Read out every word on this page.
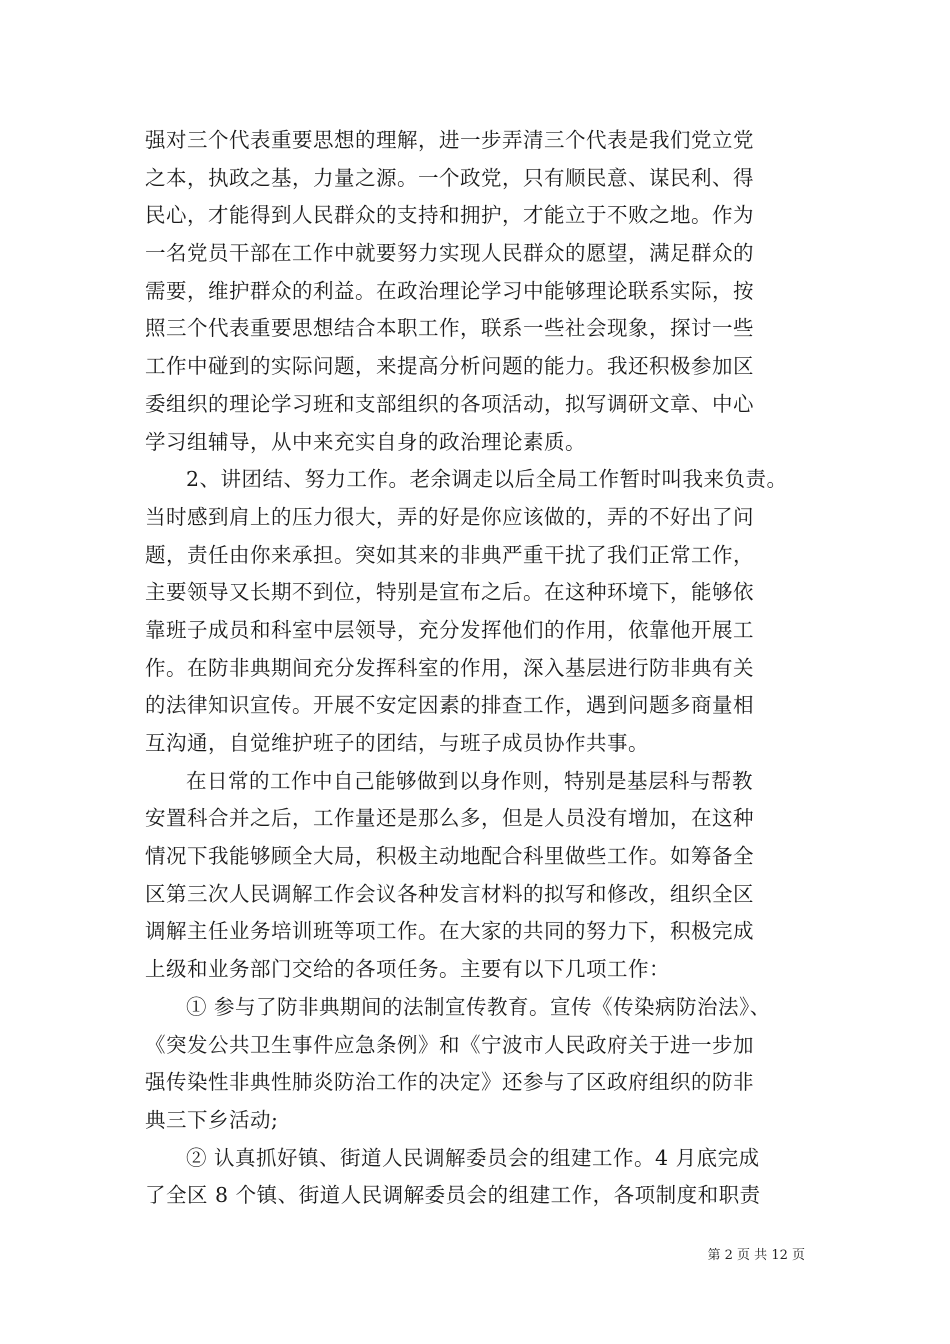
强对三个代表重要思想的理解，进一步弄清三个代表是我们党立党
之本，执政之基，力量之源。一个政党，只有顺民意、谋民利、得
民心，才能得到人民群众的支持和拥护，才能立于不败之地。作为
一名党员干部在工作中就要努力实现人民群众的愿望，满足群众的
需要，维护群众的利益。在政治理论学习中能够理论联系实际，按
照三个代表重要思想结合本职工作，联系一些社会现象，探讨一些
工作中碰到的实际问题，来提高分析问题的能力。我还积极参加区
委组织的理论学习班和支部组织的各项活动，拟写调研文章、中心
学习组辅导，从中来充实自身的政治理论素质。
2、讲团结、努力工作。老余调走以后全局工作暂时叫我来负责。
当时感到肩上的压力很大，弄的好是你应该做的，弄的不好出了问
题，责任由你来承担。突如其来的非典严重干扰了我们正常工作，
主要领导又长期不到位，特别是宣布之后。在这种环境下，能够依
靠班子成员和科室中层领导，充分发挥他们的作用，依靠他开展工
作。在防非典期间充分发挥科室的作用，深入基层进行防非典有关
的法律知识宣传。开展不安定因素的排查工作，遇到问题多商量相
互沟通，自觉维护班子的团结，与班子成员协作共事。
在日常的工作中自己能够做到以身作则，特别是基层科与帮教
安置科合并之后，工作量还是那么多，但是人员没有增加，在这种
情况下我能够顾全大局，积极主动地配合科里做些工作。如筹备全
区第三次人民调解工作会议各种发言材料的拟写和修改，组织全区
调解主任业务培训班等项工作。在大家的共同的努力下，积极完成
上级和业务部门交给的各项任务。主要有以下几项工作：
① 参与了防非典期间的法制宣传教育。宣传《传染病防治法》、
《突发公共卫生事件应急条例》和《宁波市人民政府关于进一步加
强传染性非典性肺炎防治工作的决定》还参与了区政府组织的防非
典三下乡活动;
② 认真抓好镇、街道人民调解委员会的组建工作。4 月底完成
了全区 8 个镇、街道人民调解委员会的组建工作，各项制度和职责
第 2 页 共 12 页
